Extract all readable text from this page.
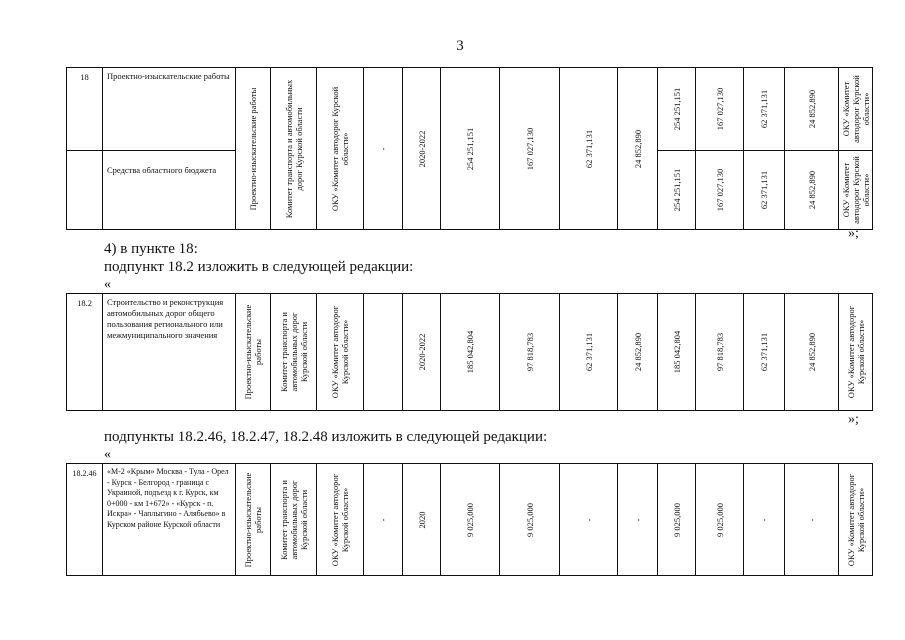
3
18	Проектно-изыскательские работы	Проектно-изыскательские работы	Комитет транспорта и автомобильных дорог Курской области	ОКУ «Комитет автодорог Курской области»	-	2020-2022	254 251,151	167 027,130	62 371,131	24 852,890	254 251,151	167 027,130	62 371,131	24 852,890	ОКУ «Комитет автодорог Курской области»

	Средства областного бюджета										254 251,151	167 027,130	62 371,131	24 852,890	ОКУ «Комитет автодорог Курской области»
»;
4) в пункте 18:
подпункт 18.2 изложить в следующей редакции:
«
18.2	Строительство и реконструкция автомобильных дорог общего пользования регионального или межмуниципального значения	Проектно-изыскательские работы	Комитет транспорта и автомобильных дорог Курской области	ОКУ «Комитет автодорог Курской области»		2020-2022	185 042,804	97 818,783	62 371,131	24 852,890	185 042,804	97 818,783	62 371,131	24 852,890	ОКУ «Комитет автодорог Курской области»
»;
подпункты 18.2.46, 18.2.47, 18.2.48 изложить в следующей редакции:
«
18.2.46	«М-2 «Крым» Москва - Тула - Орел - Курск - Белгород - граница с Украиной, подъезд к г. Курск, км 0+000 - км 1+672» - «Курск - п. Искра» - Чаплыгино - Алябьево» в Курском районе Курской области	Проектно-изыскательские работы	Комитет транспорта и автомобильных дорог Курской области	ОКУ «Комитет автодорог Курской области»	-	2020	9 025,000	9 025,000	-	-	9 025,000	9 025,000	-	-	ОКУ «Комитет автодорог Курской области»
